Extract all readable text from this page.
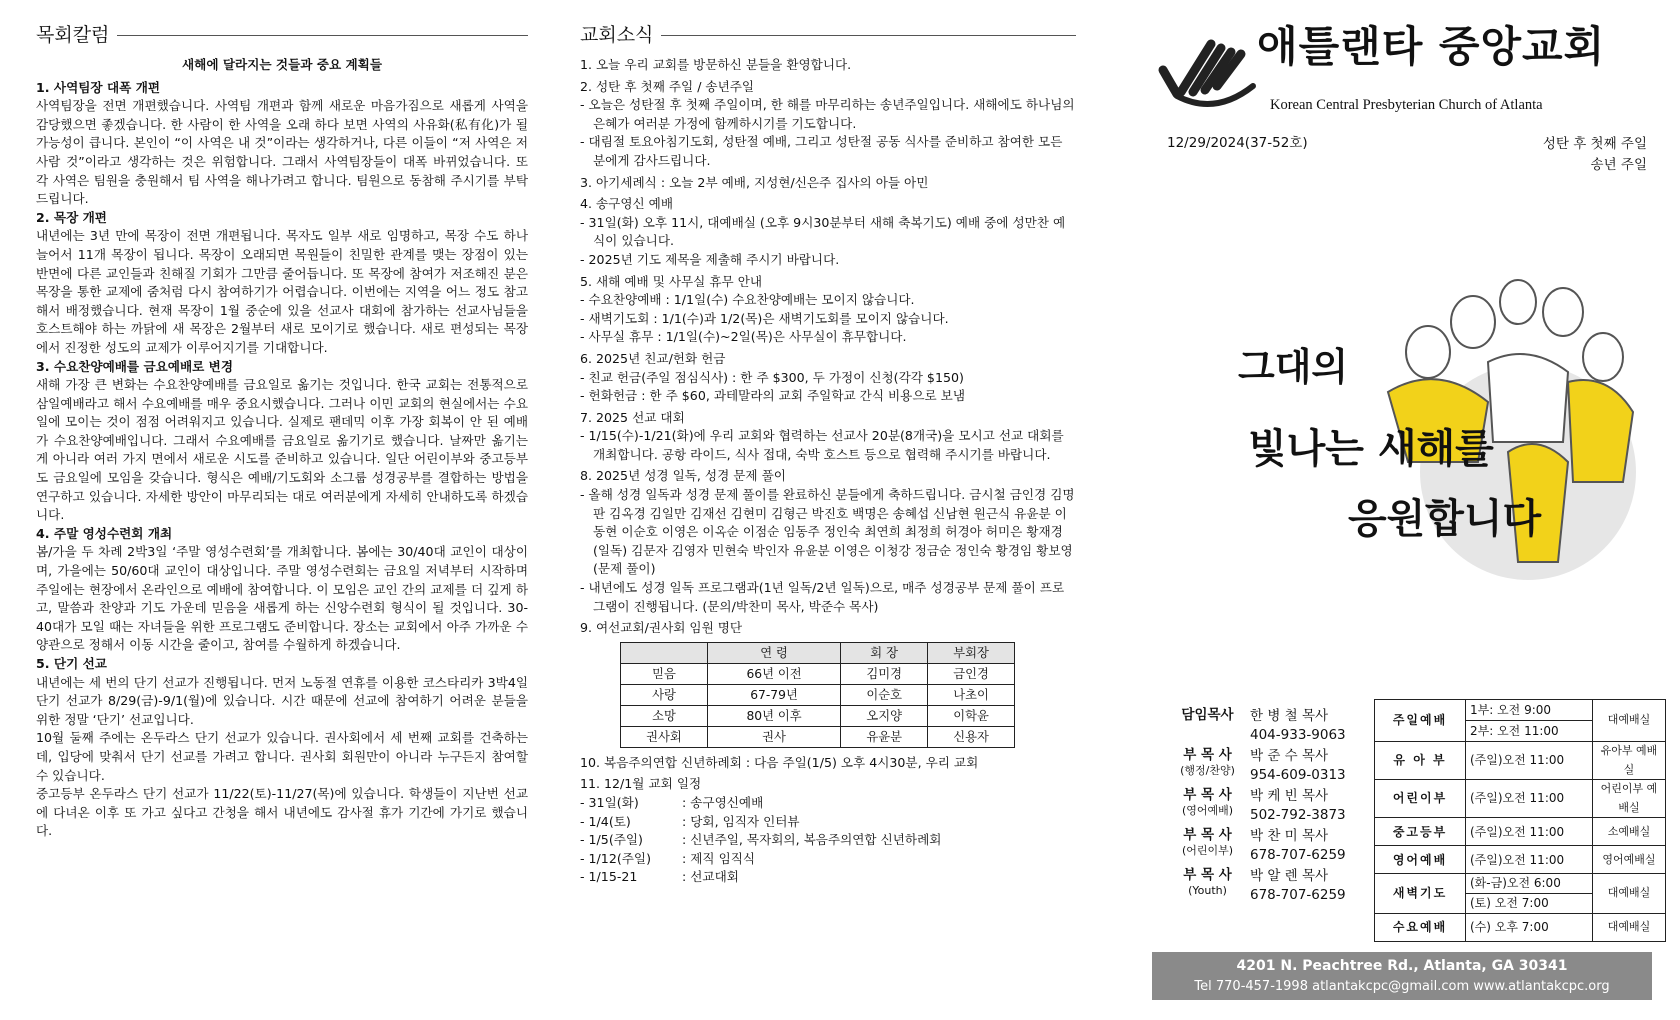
목회칼럼
새해에 달라지는 것들과 중요 계획들
1. 사역팀장 대폭 개편

사역팀장을 전면 개편했습니다. 사역팀 개편과 함께 새로운 마음가짐으로 새롭게 사역을 감당했으면 좋겠습니다. 한 사람이 한 사역을 오래 하다 보면 사역의 사유화(私有化)가 될 가능성이 큽니다. 본인이 “이 사역은 내 것”이라는 생각하거나, 다른 이들이 “저 사역은 저 사람 것”이라고 생각하는 것은 위험합니다. 그래서 사역팀장들이 대폭 바뀌었습니다. 또 각 사역은 팀원을 충원해서 팀 사역을 해나가려고 합니다. 팀원으로 동참해 주시기를 부탁드립니다.

2. 목장 개편

내년에는 3년 만에 목장이 전면 개편됩니다. 목자도 일부 새로 임명하고, 목장 수도 하나 늘어서 11개 목장이 됩니다. 목장이 오래되면 목원들이 친밀한 관계를 맺는 장점이 있는 반면에 다른 교인들과 친해질 기회가 그만큼 줄어듭니다. 또 목장에 참여가 저조해진 분은 목장을 통한 교제에 줌처럼 다시 참여하기가 어렵습니다. 이번에는 지역을 어느 정도 참고해서 배정했습니다. 현재 목장이 1월 중순에 있을 선교사 대회에 참가하는 선교사님들을 호스트해야 하는 까닭에 새 목장은 2월부터 새로 모이기로 했습니다. 새로 편성되는 목장에서 진정한 성도의 교제가 이루어지기를 기대합니다.

3. 수요찬양예배를 금요예배로 변경

새해 가장 큰 변화는 수요찬양예배를 금요일로 옮기는 것입니다. 한국 교회는 전통적으로 삼일예배라고 해서 수요예배를 매우 중요시했습니다. 그러나 이민 교회의 현실에서는 수요일에 모이는 것이 점점 어려워지고 있습니다. 실제로 팬데믹 이후 가장 회복이 안 된 예배가 수요찬양예배입니다. 그래서 수요예배를 금요일로 옮기기로 했습니다. 날짜만 옮기는 게 아니라 여러 가지 면에서 새로운 시도를 준비하고 있습니다. 일단 어린이부와 중고등부도 금요일에 모임을 갖습니다. 형식은 예배/기도회와 소그룹 성경공부를 결합하는 방법을 연구하고 있습니다. 자세한 방안이 마무리되는 대로 여러분에게 자세히 안내하도록 하겠습니다.

4. 주말 영성수련회 개최

봄/가을 두 차례 2박3일 ‘주말 영성수련회’를 개최합니다. 봄에는 30/40대 교인이 대상이며, 가을에는 50/60대 교인이 대상입니다. 주말 영성수련회는 금요일 저녁부터 시작하며 주일에는 현장에서 온라인으로 예배에 참여합니다. 이 모임은 교인 간의 교제를 더 깊게 하고, 말씀과 찬양과 기도 가운데 믿음을 새롭게 하는 신앙수련회 형식이 될 것입니다. 30-40대가 모일 때는 자녀들을 위한 프로그램도 준비합니다. 장소는 교회에서 아주 가까운 수양관으로 정해서 이동 시간을 줄이고, 참여를 수월하게 하겠습니다.

5. 단기 선교

내년에는 세 번의 단기 선교가 진행됩니다. 먼저 노동절 연휴를 이용한 코스타리카 3박4일 단기 선교가 8/29(금)-9/1(월)에 있습니다. 시간 때문에 선교에 참여하기 어려운 분들을 위한 정말 ‘단기’ 선교입니다.

10월 둘째 주에는 온두라스 단기 선교가 있습니다. 권사회에서 세 번째 교회를 건축하는데, 입당에 맞춰서 단기 선교를 가려고 합니다. 권사회 회원만이 아니라 누구든지 참여할 수 있습니다.

중고등부 온두라스 단기 선교가 11/22(토)-11/27(목)에 있습니다. 학생들이 지난번 선교에 다녀온 이후 또 가고 싶다고 간청을 해서 내년에도 감사절 휴가 기간에 가기로 했습니다.

교회소식
1. 오늘 우리 교회를 방문하신 분들을 환영합니다.
2. 성탄 후 첫째 주일 / 송년주일
- 오늘은 성탄절 후 첫째 주일이며, 한 해를 마무리하는 송년주일입니다. 새해에도 하나님의 은혜가 여러분 가정에 함께하시기를 기도합니다.
- 대림절 토요아침기도회, 성탄절 예배, 그리고 성탄절 공동 식사를 준비하고 참여한 모든 분에게 감사드립니다.
3. 아기세례식 : 오늘 2부 예배, 지성현/신은주 집사의 아들 아민
4. 송구영신 예배
- 31일(화) 오후 11시, 대예배실 (오후 9시30분부터 새해 축복기도) 예배 중에 성만찬 예식이 있습니다.
- 2025년 기도 제목을 제출해 주시기 바랍니다.
5. 새해 예배 및 사무실 휴무 안내
- 수요찬양예배 : 1/1일(수) 수요찬양예배는 모이지 않습니다.
- 새벽기도회 : 1/1(수)과 1/2(목)은 새벽기도회를 모이지 않습니다.
- 사무실 휴무 : 1/1일(수)~2일(목)은 사무실이 휴무합니다.
6. 2025년 친교/헌화 헌금
- 친교 헌금(주일 점심식사) : 한 주 $300, 두 가정이 신청(각각 $150)
- 헌화헌금 : 한 주 $60, 과테말라의 교회 주일학교 간식 비용으로 보냄
7. 2025 선교 대회
- 1/15(수)-1/21(화)에 우리 교회와 협력하는 선교사 20분(8개국)을 모시고 선교 대회를 개최합니다. 공항 라이드, 식사 접대, 숙박 호스트 등으로 협력해 주시기를 바랍니다.
8. 2025년 성경 일독, 성경 문제 풀이
- 올해 성경 일독과 성경 문제 풀이를 완료하신 분들에게 축하드립니다. 금시철 금인경 김명판 김옥경 김일만 김재선 김현미 김형근 박진호 백명은 송혜섭 신남현 원근식 유윤분 이동현 이순호 이영은 이옥순 이점순 임동주 정인숙 최연희 최정희 허경아 허미은 황재경 (일독) 김문자 김영자 민현숙 박인자 유윤분 이영은 이청강 정금순 정인숙 황경임 황보영 (문제 풀이)
- 내년에도 성경 일독 프로그램과(1년 일독/2년 일독)으로, 매주 성경공부 문제 풀이 프로그램이 진행됩니다. (문의/박찬미 목사, 박준수 목사)
9. 여선교회/권사회 임원 명단
	연 령	회 장	부회장
믿음	66년 이전	김미경	금인경
사랑	67-79년	이순호	나초이
소망	80년 이후	오지양	이학윤
권사회	권사	유윤분	신용자
10. 복음주의연합 신년하례회 : 다음 주일(1/5) 오후 4시30분, 우리 교회
11. 12/1월 교회 일정
- 31일(화)	: 송구영신예배
- 1/4(토)	: 당회, 임직자 인터뷰
- 1/5(주일)	: 신년주일, 목자회의, 복음주의연합 신년하례회
- 1/12(주일)	: 제직 임직식
- 1/15-21	: 선교대회
애틀랜타 중앙교회
Korean Central Presbyterian Church of Atlanta
12/29/2024(37-52호)	성탄 후 첫째 주일
송년 주일
그대의
빛나는 새해를
응원합니다
담임목사	한 병 철 목사
404-933-9063
부 목 사
(행정/찬양)
박 준 수 목사
954-609-0313
부 목 사
(영어예배)
박 케 빈 목사
502-792-3873
부 목 사
(어린이부)
박 찬 미 목사
678-707-6259
부 목 사
(Youth)
박 알 렌 목사
678-707-6259
주일예배	1부: 오전 9:00	대예배실
	2부: 오전 11:00	
유 아 부	(주일)오전 11:00	유아부 예배실
어린이부	(주일)오전 11:00	어린이부 예배실
중고등부	(주일)오전 11:00	소예배실
영어예배	(주일)오전 11:00	영어예배실
새벽기도	(화-금)오전 6:00	대예배실
	(토) 오전 7:00	
수요예배	(수) 오후 7:00	대예배실
4201 N. Peachtree Rd., Atlanta, GA 30341
Tel 770-457-1998 atlantakcpc@gmail.com www.atlantakcpc.org
